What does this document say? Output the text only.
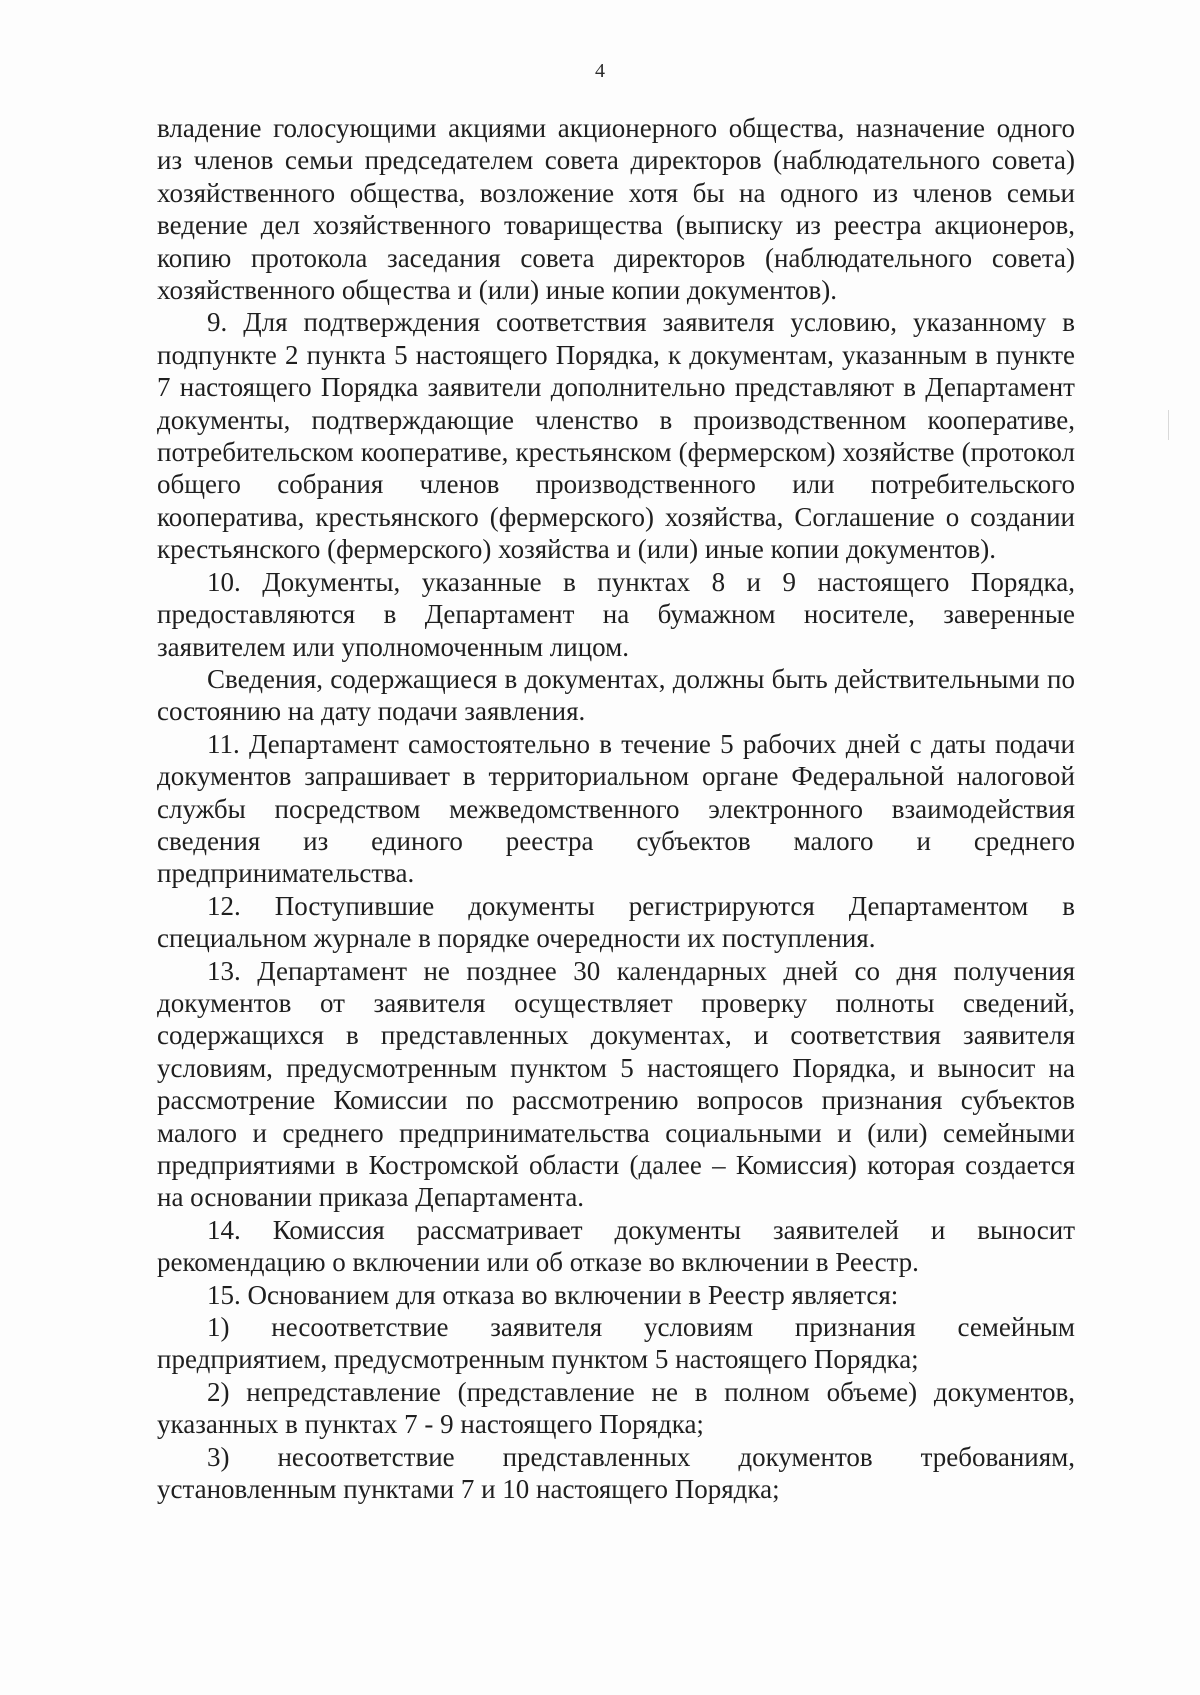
4

владение голосующими акциями акционерного общества, назначение одного из членов семьи председателем совета директоров (наблюдательного совета) хозяйственного общества, возложение хотя бы на одного из членов семьи ведение дел хозяйственного товарищества (выписку из реестра акционеров, копию протокола заседания совета директоров (наблюдательного совета) хозяйственного общества и (или) иные копии документов).

9. Для подтверждения соответствия заявителя условию, указанному в подпункте 2 пункта 5 настоящего Порядка, к документам, указанным в пункте 7 настоящего Порядка заявители дополнительно представляют в Департамент документы, подтверждающие членство в производственном кооперативе, потребительском кооперативе, крестьянском (фермерском) хозяйстве (протокол общего собрания членов производственного или потребительского кооператива, крестьянского (фермерского) хозяйства, Соглашение о создании крестьянского (фермерского) хозяйства и (или) иные копии документов).

10. Документы, указанные в пунктах 8 и 9 настоящего Порядка, предоставляются в Департамент на бумажном носителе, заверенные заявителем или уполномоченным лицом.

Сведения, содержащиеся в документах, должны быть действительными по состоянию на дату подачи заявления.

11. Департамент самостоятельно в течение 5 рабочих дней с даты подачи документов запрашивает в территориальном органе Федеральной налоговой службы посредством межведомственного электронного взаимодействия сведения из единого реестра субъектов малого и среднего предпринимательства.

12. Поступившие документы регистрируются Департаментом в специальном журнале в порядке очередности их поступления.

13. Департамент не позднее 30 календарных дней со дня получения документов от заявителя осуществляет проверку полноты сведений, содержащихся в представленных документах, и соответствия заявителя условиям, предусмотренным пунктом 5 настоящего Порядка, и выносит на рассмотрение Комиссии по рассмотрению вопросов признания субъектов малого и среднего предпринимательства социальными и (или) семейными предприятиями в Костромской области (далее – Комиссия) которая создается на основании приказа Департамента.

14. Комиссия рассматривает документы заявителей и выносит рекомендацию о включении или об отказе во включении в Реестр.

15. Основанием для отказа во включении в Реестр является:

1) несоответствие заявителя условиям признания семейным предприятием, предусмотренным пунктом 5 настоящего Порядка;

2) непредставление (представление не в полном объеме) документов, указанных в пунктах 7 - 9 настоящего Порядка;

3) несоответствие представленных документов требованиям, установленным пунктами 7 и 10 настоящего Порядка;
